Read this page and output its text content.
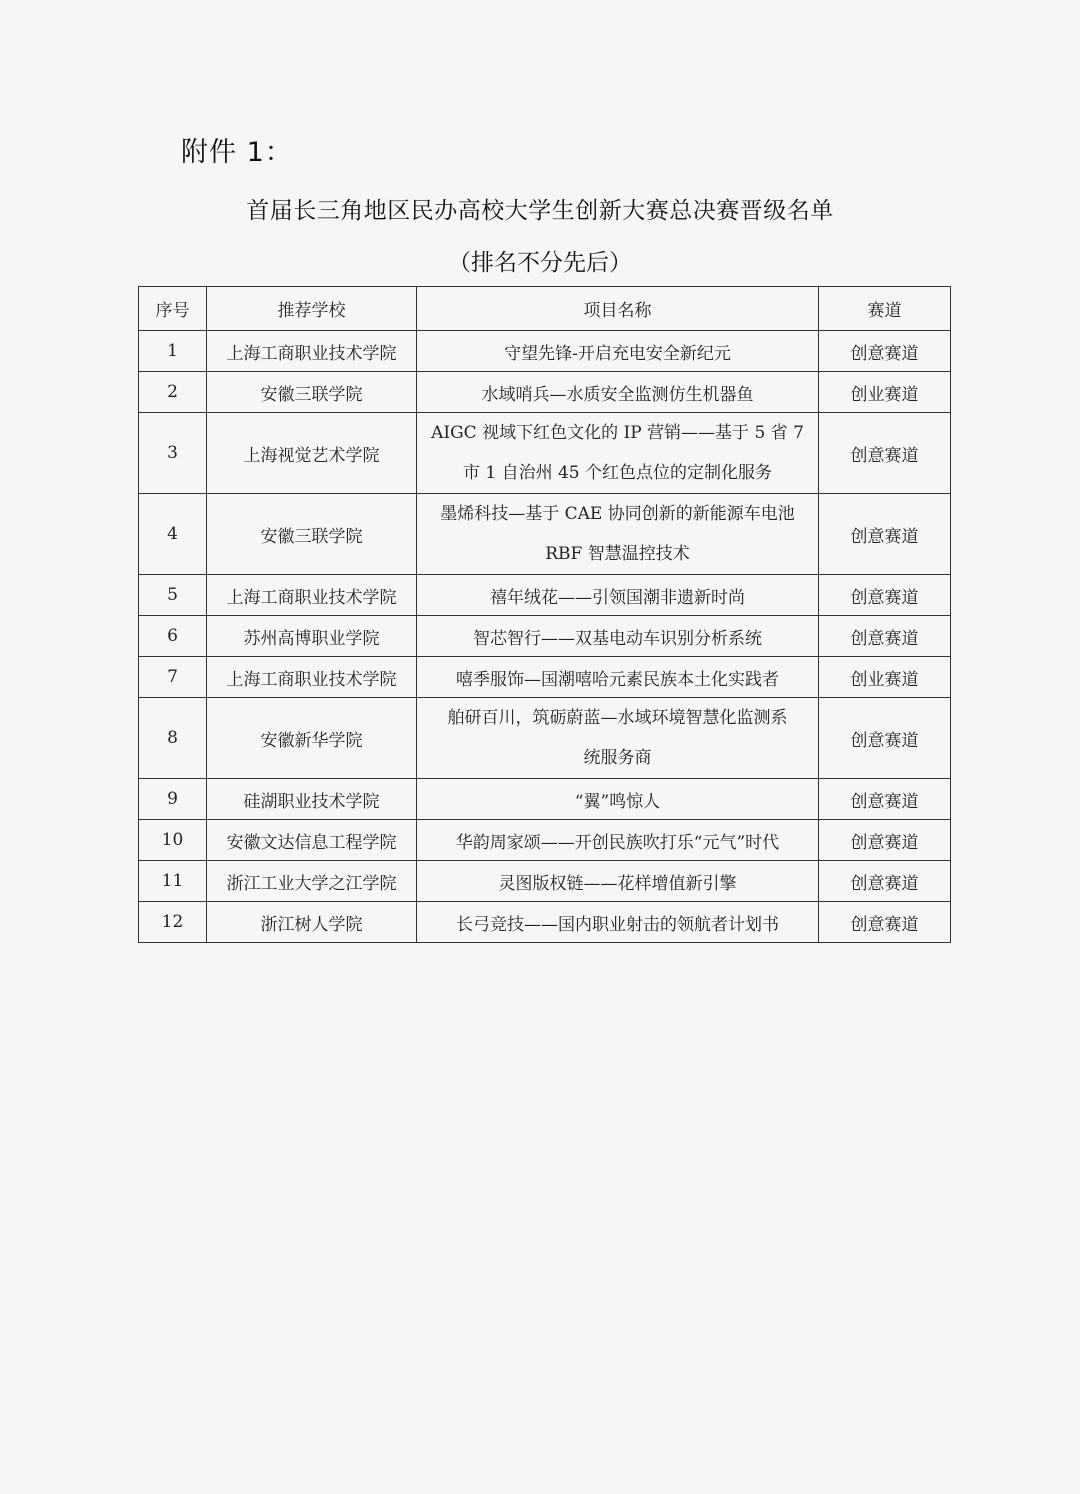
附件 1：
首届长三角地区民办高校大学生创新大赛总决赛晋级名单
（排名不分先后）
序号	推荐学校	项目名称	赛道
1	上海工商职业技术学院	守望先锋-开启充电安全新纪元	创意赛道
2	安徽三联学院	水域哨兵—水质安全监测仿生机器鱼	创业赛道
3	上海视觉艺术学院	AIGC 视域下红色文化的 IP 营销——基于 5 省 7
市 1 自治州 45 个红色点位的定制化服务	创意赛道
4	安徽三联学院	墨烯科技—基于 CAE 协同创新的新能源车电池
RBF 智慧温控技术	创意赛道
5	上海工商职业技术学院	禧年绒花——引领国潮非遗新时尚	创意赛道
6	苏州高博职业学院	智芯智行——双基电动车识别分析系统	创意赛道
7	上海工商职业技术学院	嘻季服饰—国潮嘻哈元素民族本土化实践者	创业赛道
8	安徽新华学院	舶研百川，筑砺蔚蓝—水域环境智慧化监测系
统服务商	创意赛道
9	硅湖职业技术学院	“翼”鸣惊人	创意赛道
10	安徽文达信息工程学院	华韵周家颂——开创民族吹打乐“元气”时代	创意赛道
11	浙江工业大学之江学院	灵图版权链——花样增值新引擎	创意赛道
12	浙江树人学院	长弓竞技——国内职业射击的领航者计划书	创意赛道
